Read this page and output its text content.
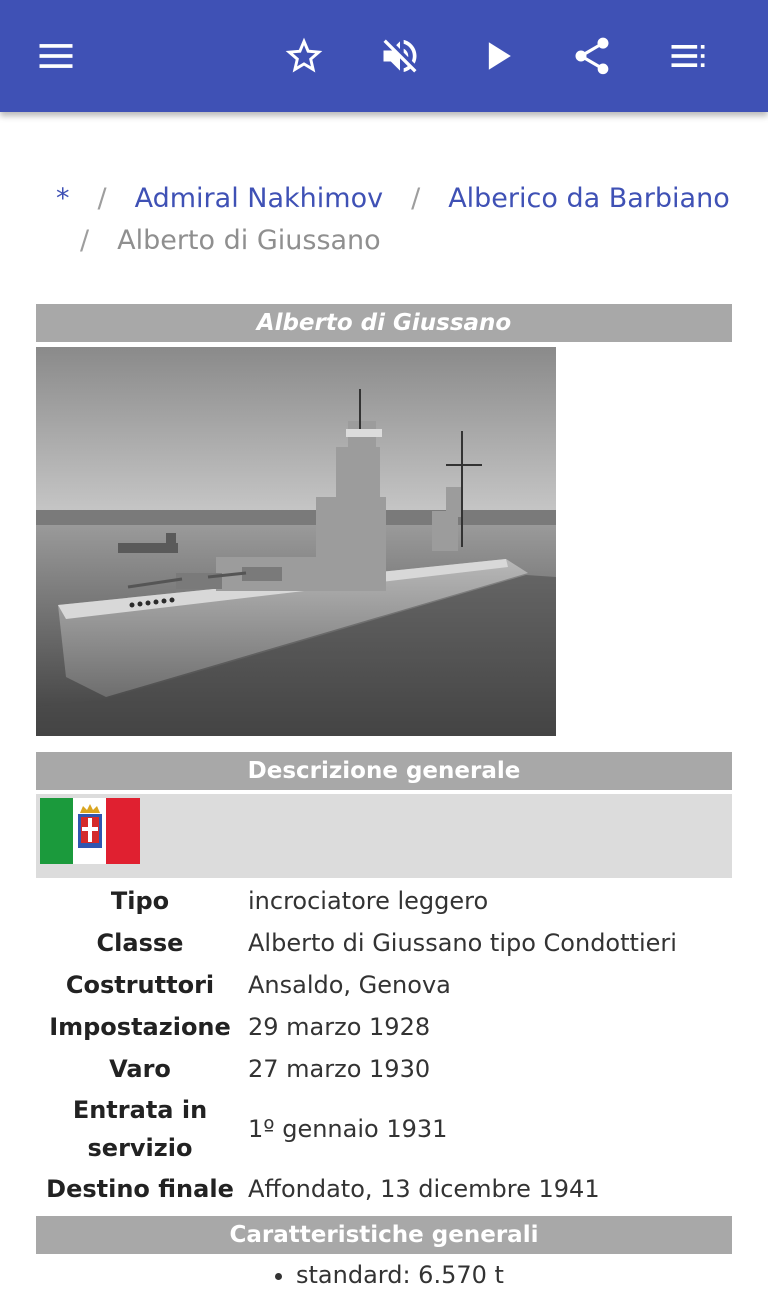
* / Admiral Nakhimov / Alberico da Barbiano
/ Alberto di Giussano
Alberto di Giussano
Descrizione generale
Tipo	incrociatore leggero
Classe	Alberto di Giussano tipo Condottieri
Costruttori	Ansaldo, Genova
Impostazione	29 marzo 1928
Varo	27 marzo 1930
Entrata in servizio	1º gennaio 1931
Destino finale	Affondato, 13 dicembre 1941
Caratteristiche generali
• standard: 6.570 t
